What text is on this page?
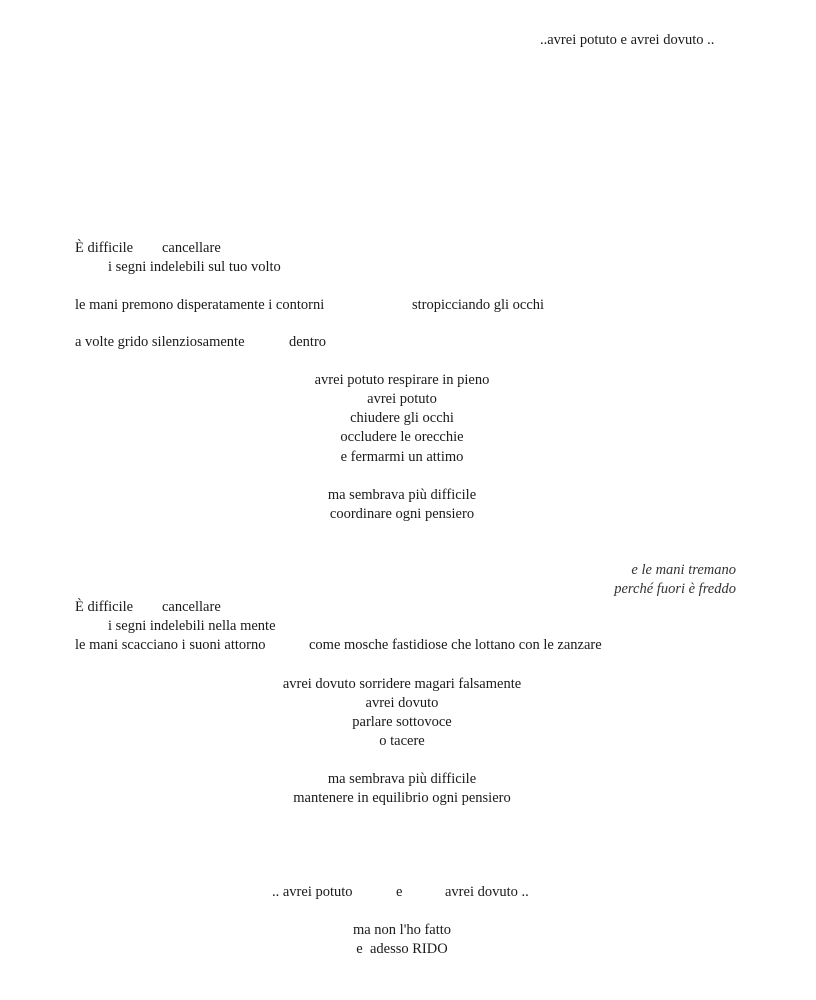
..avrei potuto e avrei dovuto ..
È difficile cancellare
i segni indelebili sul tuo volto
le mani premono disperatamente i contorni	stropicciando gli occhi
a volte grido silenziosamente	dentro
avrei potuto respirare in pieno
avrei potuto
chiudere gli occhi
occludere le orecchie
e fermarmi un attimo
ma sembrava più difficile
coordinare ogni pensiero
e le mani tremano
perché fuori è freddo
È difficile cancellare
i segni indelebili nella mente
le mani scacciano i suoni attorno	come mosche fastidiose che lottano con le zanzare
avrei dovuto sorridere magari falsamente
avrei dovuto
parlare sottovoce
o tacere
ma sembrava più difficile
mantenere in equilibrio ogni pensiero
.. avrei potuto	e	avrei dovuto ..
ma non l'ho fatto
e  adesso RIDO
